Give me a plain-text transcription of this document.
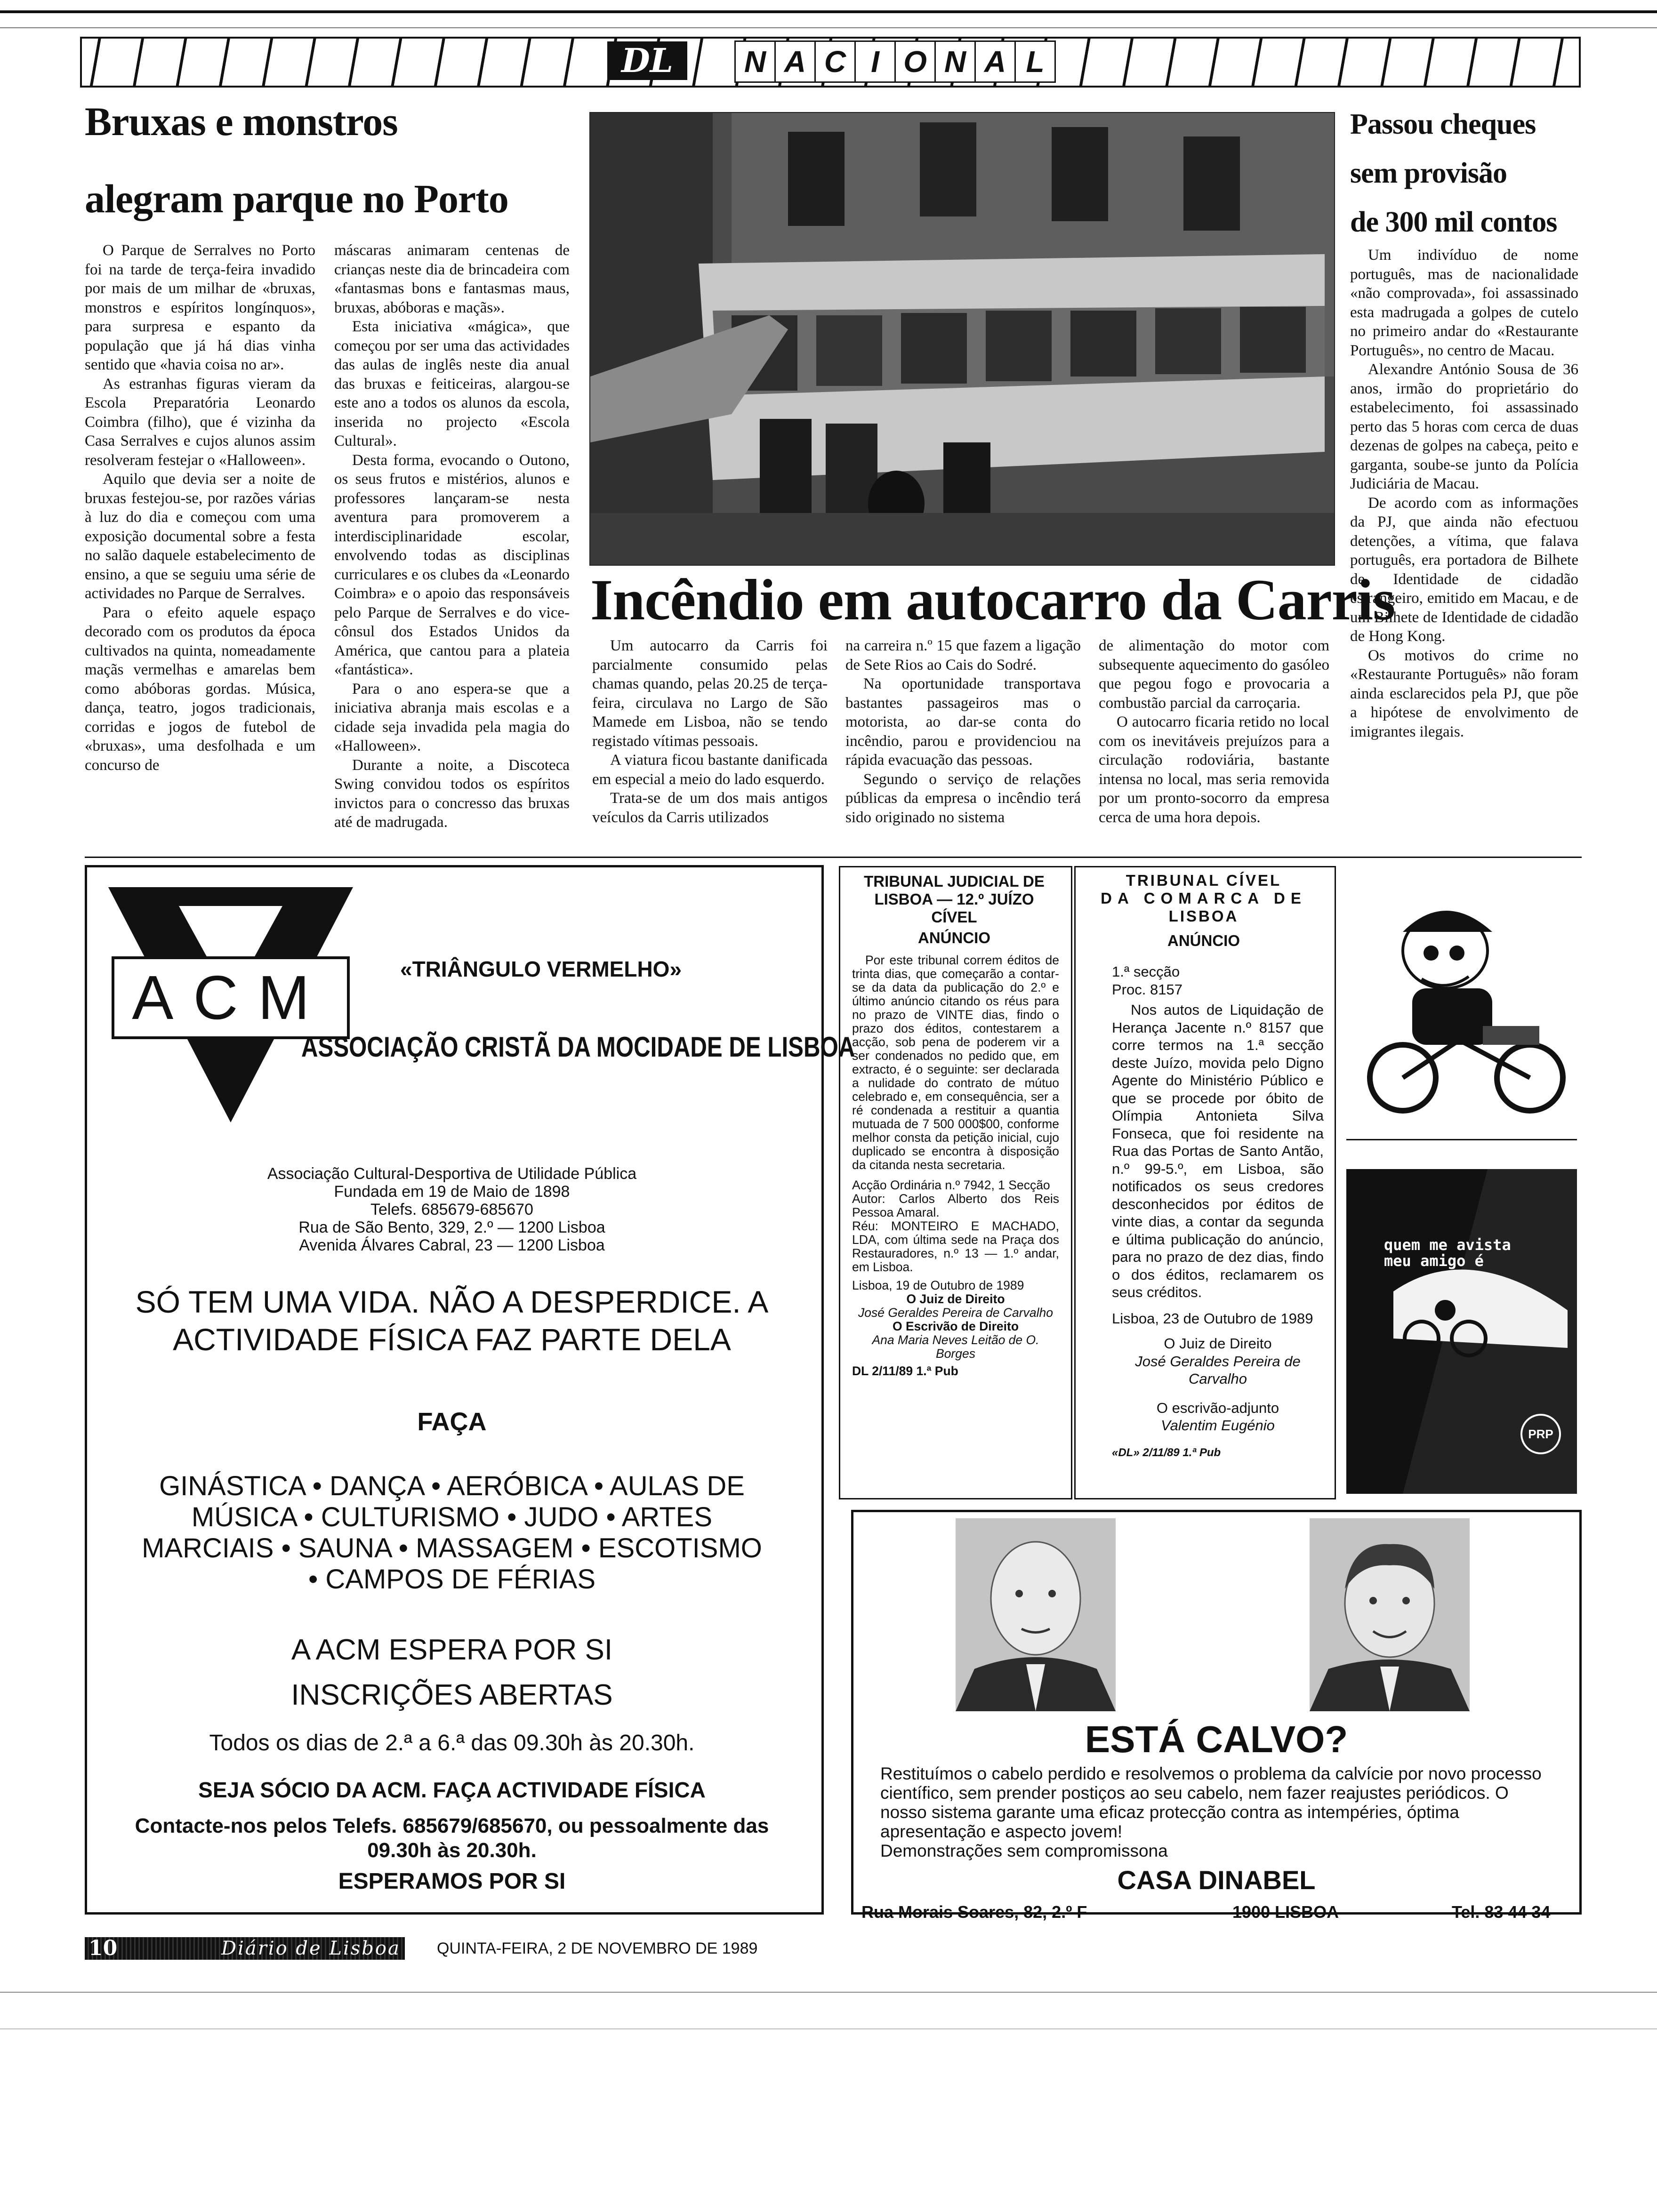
DL	N A C I O N A L
Bruxas e monstros
alegram parque no Porto

O Parque de Serralves no Porto foi na tarde de terça-feira invadido por mais de um milhar de «bruxas, monstros e espíritos longínquos», para surpresa e espanto da população que já há dias vinha sentido que «havia coisa no ar».

As estranhas figuras vieram da Escola Preparatória Leonardo Coimbra (filho), que é vizinha da Casa Serralves e cujos alunos assim resolveram festejar o «Halloween».

Aquilo que devia ser a noite de bruxas festejou-se, por razões várias à luz do dia e começou com uma exposição documental sobre a festa no salão daquele estabelecimento de ensino, a que se seguiu uma série de actividades no Parque de Serralves.

Para o efeito aquele espaço decorado com os produtos da época cultivados na quinta, nomeadamente maçãs vermelhas e amarelas bem como abóboras gordas. Música, dança, teatro, jogos tradicionais, corridas e jogos de futebol de «bruxas», uma desfolhada e um concurso de

máscaras animaram centenas de crianças neste dia de brincadeira com «fantasmas bons e fantasmas maus, bruxas, abóboras e maçãs».

Esta iniciativa «mágica», que começou por ser uma das actividades das aulas de inglês neste dia anual das bruxas e feiticeiras, alargou-se este ano a todos os alunos da escola, inserida no projecto «Escola Cultural».

Desta forma, evocando o Outono, os seus frutos e mistérios, alunos e professores lançaram-se nesta aventura para promoverem a interdisciplinaridade escolar, envolvendo todas as disciplinas curriculares e os clubes da «Leonardo Coimbra» e o apoio das responsáveis pelo Parque de Serralves e do vice-cônsul dos Estados Unidos da América, que cantou para a plateia «fantástica».

Para o ano espera-se que a iniciativa abranja mais escolas e a cidade seja invadida pela magia do «Halloween».

Durante a noite, a Discoteca Swing convidou todos os espíritos invictos para o concresso das bruxas até de madrugada.

Incêndio em autocarro da Carris

Um autocarro da Carris foi parcialmente consumido pelas chamas quando, pelas 20.25 de terça-feira, circulava no Largo de São Mamede em Lisboa, não se tendo registado vítimas pessoais.

A viatura ficou bastante danificada em especial a meio do lado esquerdo.

Trata-se de um dos mais antigos veículos da Carris utilizados

na carreira n.º 15 que fazem a ligação de Sete Rios ao Cais do Sodré.

Na oportunidade transportava bastantes passageiros mas o motorista, ao dar-se conta do incêndio, parou e providenciou na rápida evacuação das pessoas.

Segundo o serviço de relações públicas da empresa o incêndio terá sido originado no sistema

de alimentação do motor com subsequente aquecimento do gasóleo que pegou fogo e provocaria a combustão parcial da carroçaria.

O autocarro ficaria retido no local com os inevitáveis prejuízos para a circulação rodoviária, bastante intensa no local, mas seria removida por um pronto-socorro da empresa cerca de uma hora depois.

Passou cheques
sem provisão
de 300 mil contos

Um indivíduo de nome português, mas de nacionalidade «não comprovada», foi assassinado esta madrugada a golpes de cutelo no primeiro andar do «Restaurante Português», no centro de Macau.

Alexandre António Sousa de 36 anos, irmão do proprietário do estabelecimento, foi assassinado perto das 5 horas com cerca de duas dezenas de golpes na cabeça, peito e garganta, soube-se junto da Polícia Judiciária de Macau.

De acordo com as informações da PJ, que ainda não efectuou detenções, a vítima, que falava português, era portadora de Bilhete de Identidade de cidadão estrangeiro, emitido em Macau, e de um Bilhete de Identidade de cidadão de Hong Kong.

Os motivos do crime no «Restaurante Português» não foram ainda esclarecidos pela PJ, que põe a hipótese de envolvimento de imigrantes ilegais.

ACM	«TRIÂNGULO VERMELHO»
ASSOCIAÇÃO CRISTÃ DA MOCIDADE DE LISBOA
Associação Cultural-Desportiva de Utilidade Pública
Fundada em 19 de Maio de 1898
Telefs. 685679-685670
Rua de São Bento, 329, 2.º — 1200 Lisboa
Avenida Álvares Cabral, 23 — 1200 Lisboa
SÓ TEM UMA VIDA. NÃO A DESPERDICE. A
ACTIVIDADE FÍSICA FAZ PARTE DELA
FAÇA
GINÁSTICA • DANÇA • AERÓBICA • AULAS DE
MÚSICA • CULTURISMO • JUDO • ARTES
MARCIAIS • SAUNA • MASSAGEM • ESCOTISMO
• CAMPOS DE FÉRIAS
A ACM ESPERA POR SI
INSCRIÇÕES ABERTAS
Todos os dias de 2.ª a 6.ª das 09.30h às 20.30h.
SEJA SÓCIO DA ACM. FAÇA ACTIVIDADE FÍSICA
Contacte-nos pelos Telefs. 685679/685670, ou pessoalmente das
09.30h às 20.30h.
ESPERAMOS POR SI
TRIBUNAL JUDICIAL DE
LISBOA — 12.º JUÍZO
CÍVEL
ANÚNCIO
Por este tribunal correm éditos de trinta dias, que começarão a contar-se da data da publicação do 2.º e último anúncio citando os réus para no prazo de VINTE dias, findo o prazo dos éditos, contestarem a acção, sob pena de poderem vir a ser condenados no pedido que, em extracto, é o seguinte: ser declarada a nulidade do contrato de mútuo celebrado e, em consequência, ser a ré condenada a restituir a quantia mutuada de 7 500 000$00, conforme melhor consta da petição inicial, cujo duplicado se encontra à disposição da citanda nesta secretaria.
Acção Ordinária n.º 7942, 1 Secção
Autor: Carlos Alberto dos Reis Pessoa Amaral.
Réu: MONTEIRO E MACHADO, LDA, com última sede na Praça dos Restauradores, n.º 13 — 1.º andar, em Lisboa.
Lisboa, 19 de Outubro de 1989
O Juiz de Direito
José Geraldes Pereira de Carvalho
O Escrivão de Direito
Ana Maria Neves Leitão de O. Borges
DL 2/11/89 1.ª Pub
TRIBUNAL CÍVEL
DA COMARCA DE
LISBOA
ANÚNCIO
1.ª secção
Proc. 8157
Nos autos de Liquidação de Herança Jacente n.º 8157 que corre termos na 1.ª secção deste Juízo, movida pelo Digno Agente do Ministério Público e que se procede por óbito de Olímpia Antonieta Silva Fonseca, que foi residente na Rua das Portas de Santo Antão, n.º 99-5.º, em Lisboa, são notificados os seus credores desconhecidos por éditos de vinte dias, a contar da segunda e última publicação do anúncio, para no prazo de dez dias, findo o dos éditos, reclamarem os seus créditos.
Lisboa, 23 de Outubro de 1989
O Juiz de Direito
José Geraldes Pereira de Carvalho
O escrivão-adjunto
Valentim Eugénio
«DL» 2/11/89 1.ª Pub
quem me avista
meu amigo é
PRP
ESTÁ CALVO?
Restituímos o cabelo perdido e resolvemos o problema da calvície por novo processo científico, sem prender postiços ao seu cabelo, nem fazer reajustes periódicos. O nosso sistema garante uma eficaz protecção contra as intempéries, óptima apresentação e aspecto jovem!
Demonstrações sem compromissona
CASA DINABEL
Rua Morais Soares, 82, 2.º F	1900 LISBOA	Tel. 83 44 34
10	Diário de Lisboa QUINTA-FEIRA, 2 DE NOVEMBRO DE 1989
